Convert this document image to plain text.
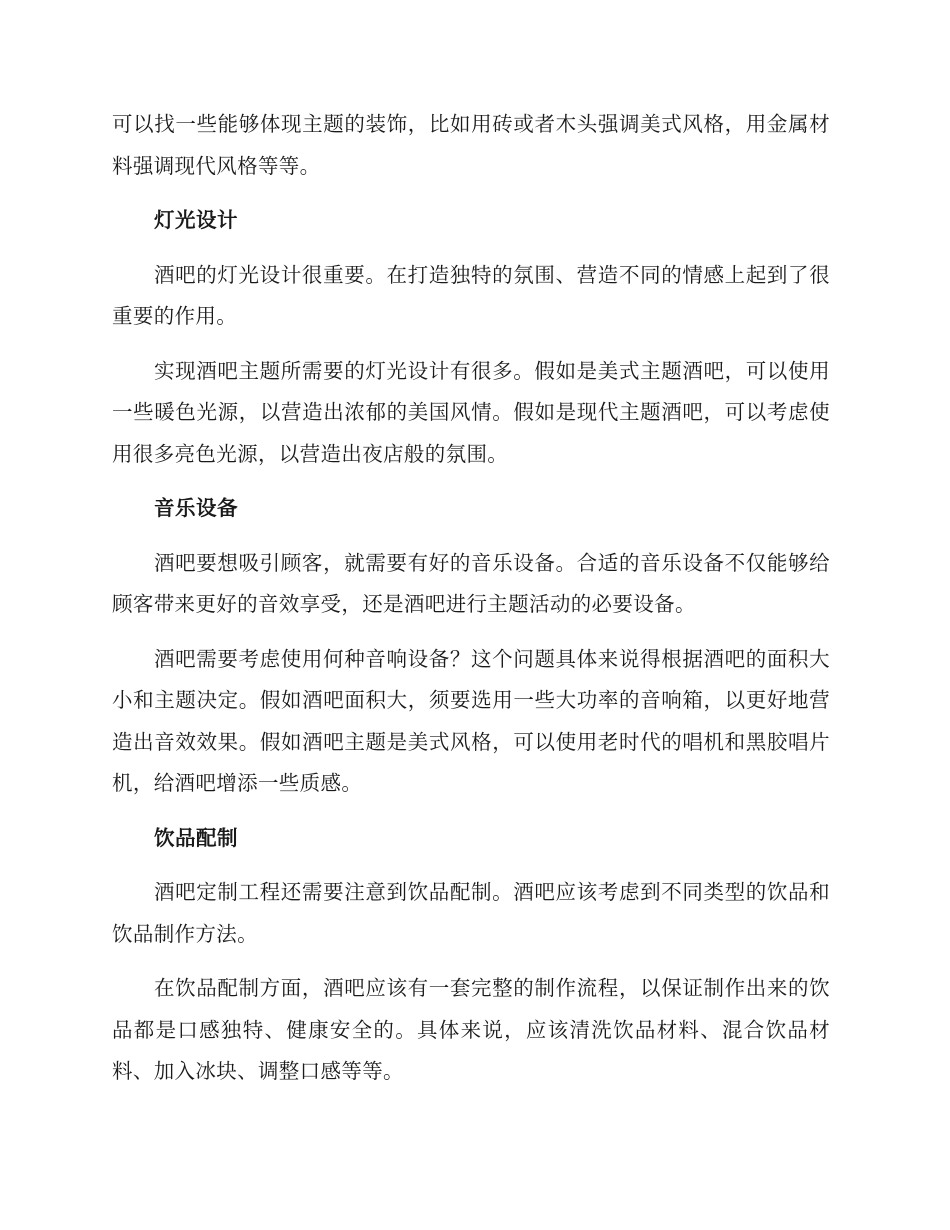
可以找一些能够体现主题的装饰，比如用砖或者木头强调美式风格，用金属材料强调现代风格等等。

灯光设计

酒吧的灯光设计很重要。在打造独特的氛围、营造不同的情感上起到了很重要的作用。

实现酒吧主题所需要的灯光设计有很多。假如是美式主题酒吧，可以使用一些暖色光源，以营造出浓郁的美国风情。假如是现代主题酒吧，可以考虑使用很多亮色光源，以营造出夜店般的氛围。

音乐设备

酒吧要想吸引顾客，就需要有好的音乐设备。合适的音乐设备不仅能够给顾客带来更好的音效享受，还是酒吧进行主题活动的必要设备。

酒吧需要考虑使用何种音响设备？这个问题具体来说得根据酒吧的面积大小和主题决定。假如酒吧面积大，须要选用一些大功率的音响箱，以更好地营造出音效效果。假如酒吧主题是美式风格，可以使用老时代的唱机和黑胶唱片机，给酒吧增添一些质感。

饮品配制

酒吧定制工程还需要注意到饮品配制。酒吧应该考虑到不同类型的饮品和饮品制作方法。

在饮品配制方面，酒吧应该有一套完整的制作流程，以保证制作出来的饮品都是口感独特、健康安全的。具体来说，应该清洗饮品材料、混合饮品材料、加入冰块、调整口感等等。
